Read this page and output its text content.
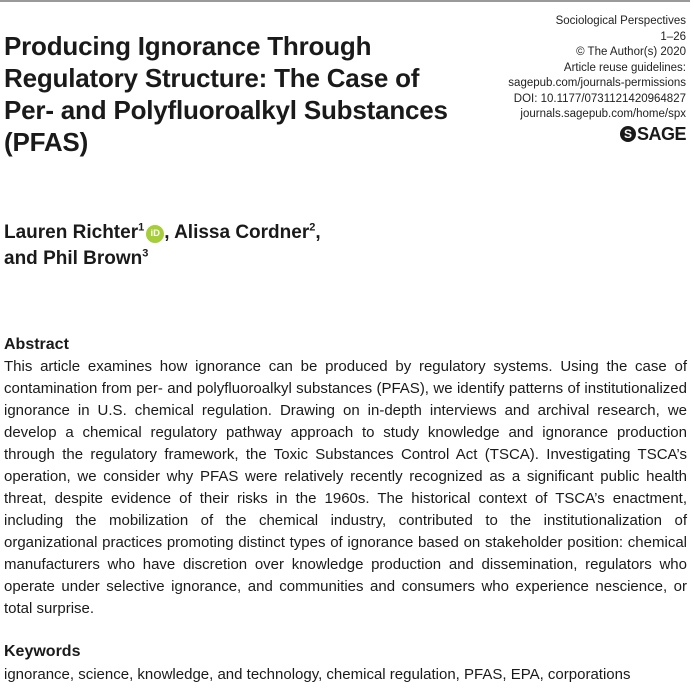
Sociological Perspectives
1–26
© The Author(s) 2020
Article reuse guidelines:
sagepub.com/journals-permissions
DOI: 10.1177/0731121420964827
journals.sagepub.com/home/spx
S SAGE
Producing Ignorance Through Regulatory Structure: The Case of Per- and Polyfluoroalkyl Substances (PFAS)
Lauren Richter$^1$ iD , Alissa Cordner$^2$,
and Phil Brown$^3$
Abstract

This article examines how ignorance can be produced by regulatory systems. Using the case of contamination from per- and polyfluoroalkyl substances (PFAS), we identify patterns of institutionalized ignorance in U.S. chemical regulation. Drawing on in-depth interviews and archival research, we develop a chemical regulatory pathway approach to study knowledge and ignorance production through the regulatory framework, the Toxic Substances Control Act (TSCA). Investigating TSCA’s operation, we consider why PFAS were relatively recently recognized as a significant public health threat, despite evidence of their risks in the 1960s. The historical context of TSCA’s enactment, including the mobilization of the chemical industry, contributed to the institutionalization of organizational practices promoting distinct types of ignorance based on stakeholder position: chemical manufacturers who have discretion over knowledge production and dissemination, regulators who operate under selective ignorance, and communities and consumers who experience nescience, or total surprise.

Keywords

ignorance, science, knowledge, and technology, chemical regulation, PFAS, EPA, corporations
